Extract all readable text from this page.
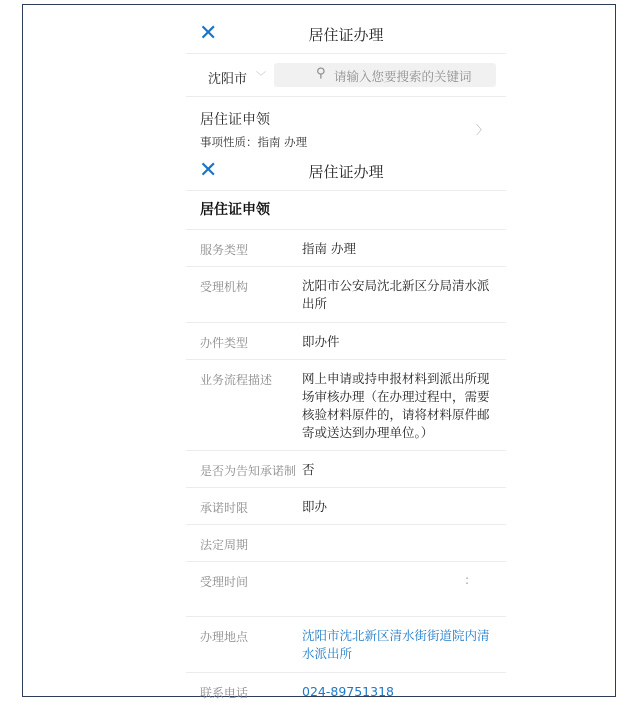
✕	居住证办理
沈阳市 ﹀	⚲
请输入您要搜索的关键词
居住证申领
事项性质：指南 办理
〉
✕	居住证办理
居住证申领
服务类型	指南 办理
受理机构	沈阳市公安局沈北新区分局清水派出所
办件类型	即办件
业务流程描述 网上申请或持申报材料到派出所现场审核办理（在办理过程中，需要核验材料原件的，请将材料原件邮寄或送达到办理单位。）
是否为告知承诺制 否
承诺时限	即办
法定周期
受理时间	:
办理地点	沈阳市沈北新区清水街街道院内清水派出所
联系电话	024-89751318
